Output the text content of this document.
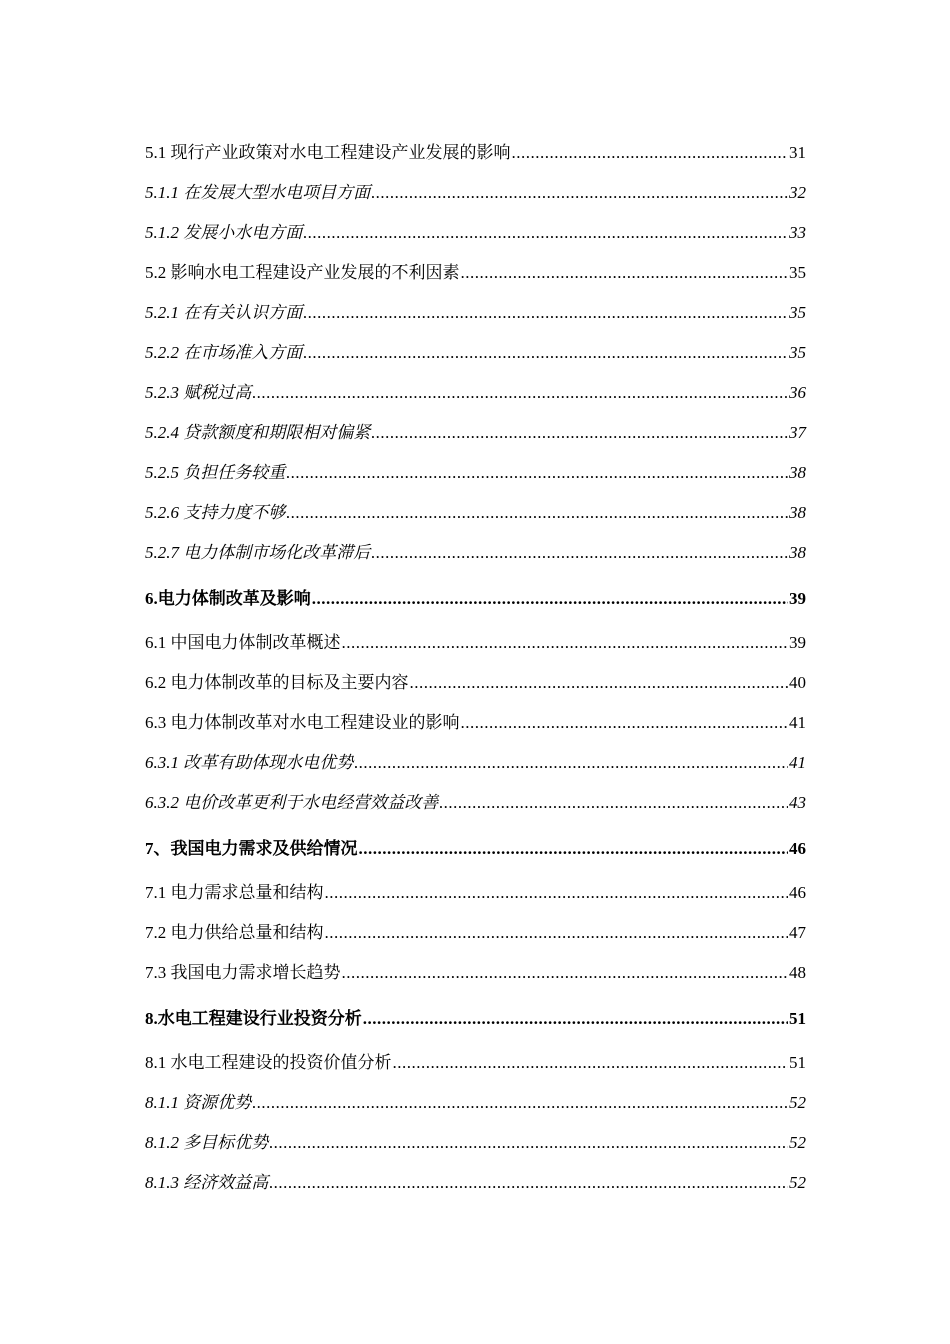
5.1 现行产业政策对水电工程建设产业发展的影响 .....	31
5.1.1 在发展大型水电项目方面 .....	32
5.1.2 发展小水电方面 .....	33
5.2 影响水电工程建设产业发展的不利因素 .....	35
5.2.1 在有关认识方面 .....	35
5.2.2 在市场准入方面 .....	35
5.2.3 赋税过高 .....	36
5.2.4 贷款额度和期限相对偏紧 .....	37
5.2.5 负担任务较重 .....	38
5.2.6 支持力度不够 .....	38
5.2.7 电力体制市场化改革滞后 .....	38
6.电力体制改革及影响 .....	39
6.1 中国电力体制改革概述 .....	39
6.2 电力体制改革的目标及主要内容 .....	40
6.3 电力体制改革对水电工程建设业的影响 .....	41
6.3.1 改革有助体现水电优势 .....	41
6.3.2 电价改革更利于水电经营效益改善 .....	43
7、我国电力需求及供给情况 .....	46
7.1 电力需求总量和结构 .....	46
7.2 电力供给总量和结构 .....	47
7.3 我国电力需求增长趋势 .....	48
8.水电工程建设行业投资分析 .....	51
8.1 水电工程建设的投资价值分析 .....	51
8.1.1 资源优势 .....	52
8.1.2 多目标优势 .....	52
8.1.3 经济效益高 .....	52
